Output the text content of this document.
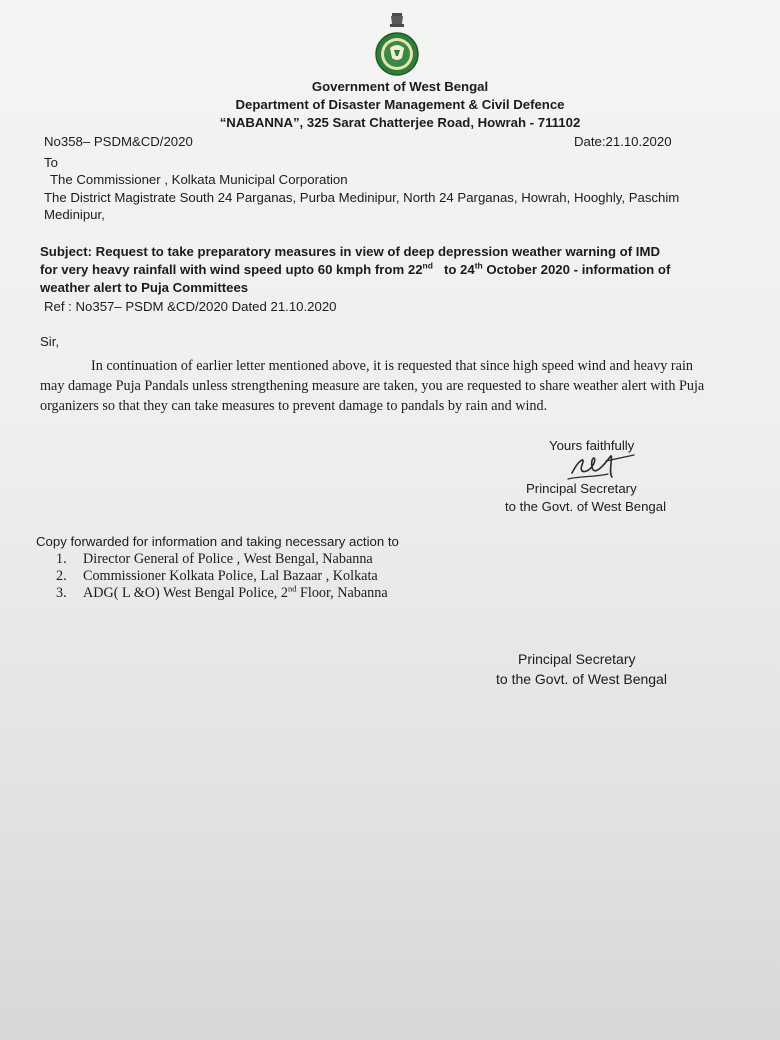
Government of West Bengal
Department of Disaster Management & Civil Defence
“NABANNA”, 325 Sarat Chatterjee Road, Howrah - 711102
No358– PSDM&CD/2020	Date:21.10.2020
To
The Commissioner , Kolkata Municipal Corporation
The District Magistrate South 24 Parganas, Purba Medinipur, North 24 Parganas, Howrah, Hooghly, Paschim
Medinipur,
Subject: Request to take preparatory measures in view of deep depression weather warning of IMD
for very heavy rainfall with wind speed upto 60 kmph from 22nd to 24th October 2020 - information of
weather alert to Puja Committees
Ref : No357– PSDM &CD/2020 Dated 21.10.2020
Sir,
In continuation of earlier letter mentioned above, it is requested that since high speed wind and heavy rain
may damage Puja Pandals unless strengthening measure are taken, you are requested to share weather alert with Puja
organizers so that they can take measures to prevent damage to pandals by rain and wind.
Yours faithfully
Principal Secretary
to the Govt. of West Bengal
Copy forwarded for information and taking necessary action to
1. Director General of Police , West Bengal, Nabanna
2. Commissioner Kolkata Police, Lal Bazaar , Kolkata
3. ADG( L &O) West Bengal Police, 2nd Floor, Nabanna
Principal Secretary
to the Govt. of West Bengal
